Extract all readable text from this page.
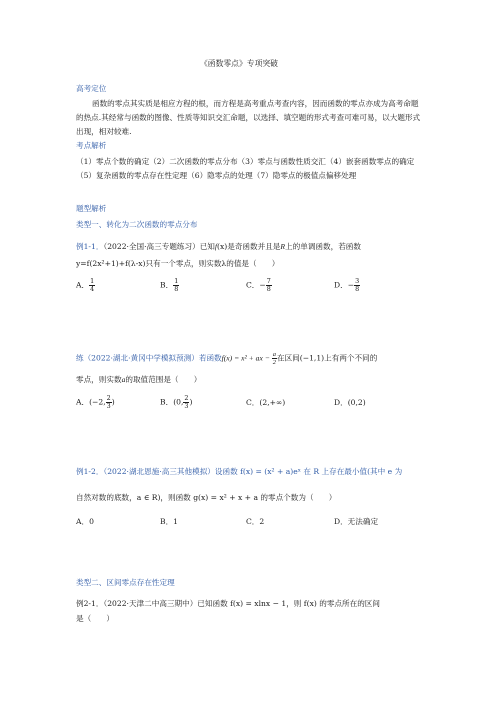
《函数零点》专项突破
高考定位

函数的零点其实质是相应方程的根，而方程是高考重点考查内容，因而函数的零点亦成为高考命题的热点.其经常与函数的图像、性质等知识交汇命题，以选择、填空题的形式考查可难可易，以大题形式出现，相对较难.

考点解析

（1）零点个数的确定（2）二次函数的零点分布（3）零点与函数性质交汇（4）嵌套函数零点的确定（5）复杂函数的零点存在性定理（6）隐零点的处理（7）隐零点的极值点偏移处理

题型解析
类型一、转化为二次函数的零点分布
例1-1．（2022·全国·高三专题练习）已知f(x)是奇函数并且是R上的单调函数，若函数
y=f(2x²+1)+f(λ-x)只有一个零点，则实数λ的值是（　　）
A． $\frac{1}{4}$	B． $\frac{1}{8}$	C．− $\frac{7}{8}$	D．− $\frac{3}{8}$
练（2022·湖北·黄冈中学模拟预测）若函数f(x) = x² + ax − $\frac{a}{2}$ 在区间(−1,1)上有两个不同的
零点，则实数a的取值范围是（　　）
A．(−2, $\frac{2}{3}$ )	B．(0, $\frac{2}{3}$ )	C．(2,+∞)	D．(0,2)
例1-2．（2022·湖北恩施·高三其他模拟）设函数 f(x) = (x² + a)eˣ 在 R 上存在最小值(其中 e 为
自然对数的底数，a ∈ R)，则函数 g(x) = x² + x + a 的零点个数为（　　）
A．0	B．1	C．2	D．无法确定
类型二、区间零点存在性定理
例2-1．（2022·天津二中高三期中）已知函数 f(x) = xlnx − 1，则 f(x) 的零点所在的区间
是（　　）
